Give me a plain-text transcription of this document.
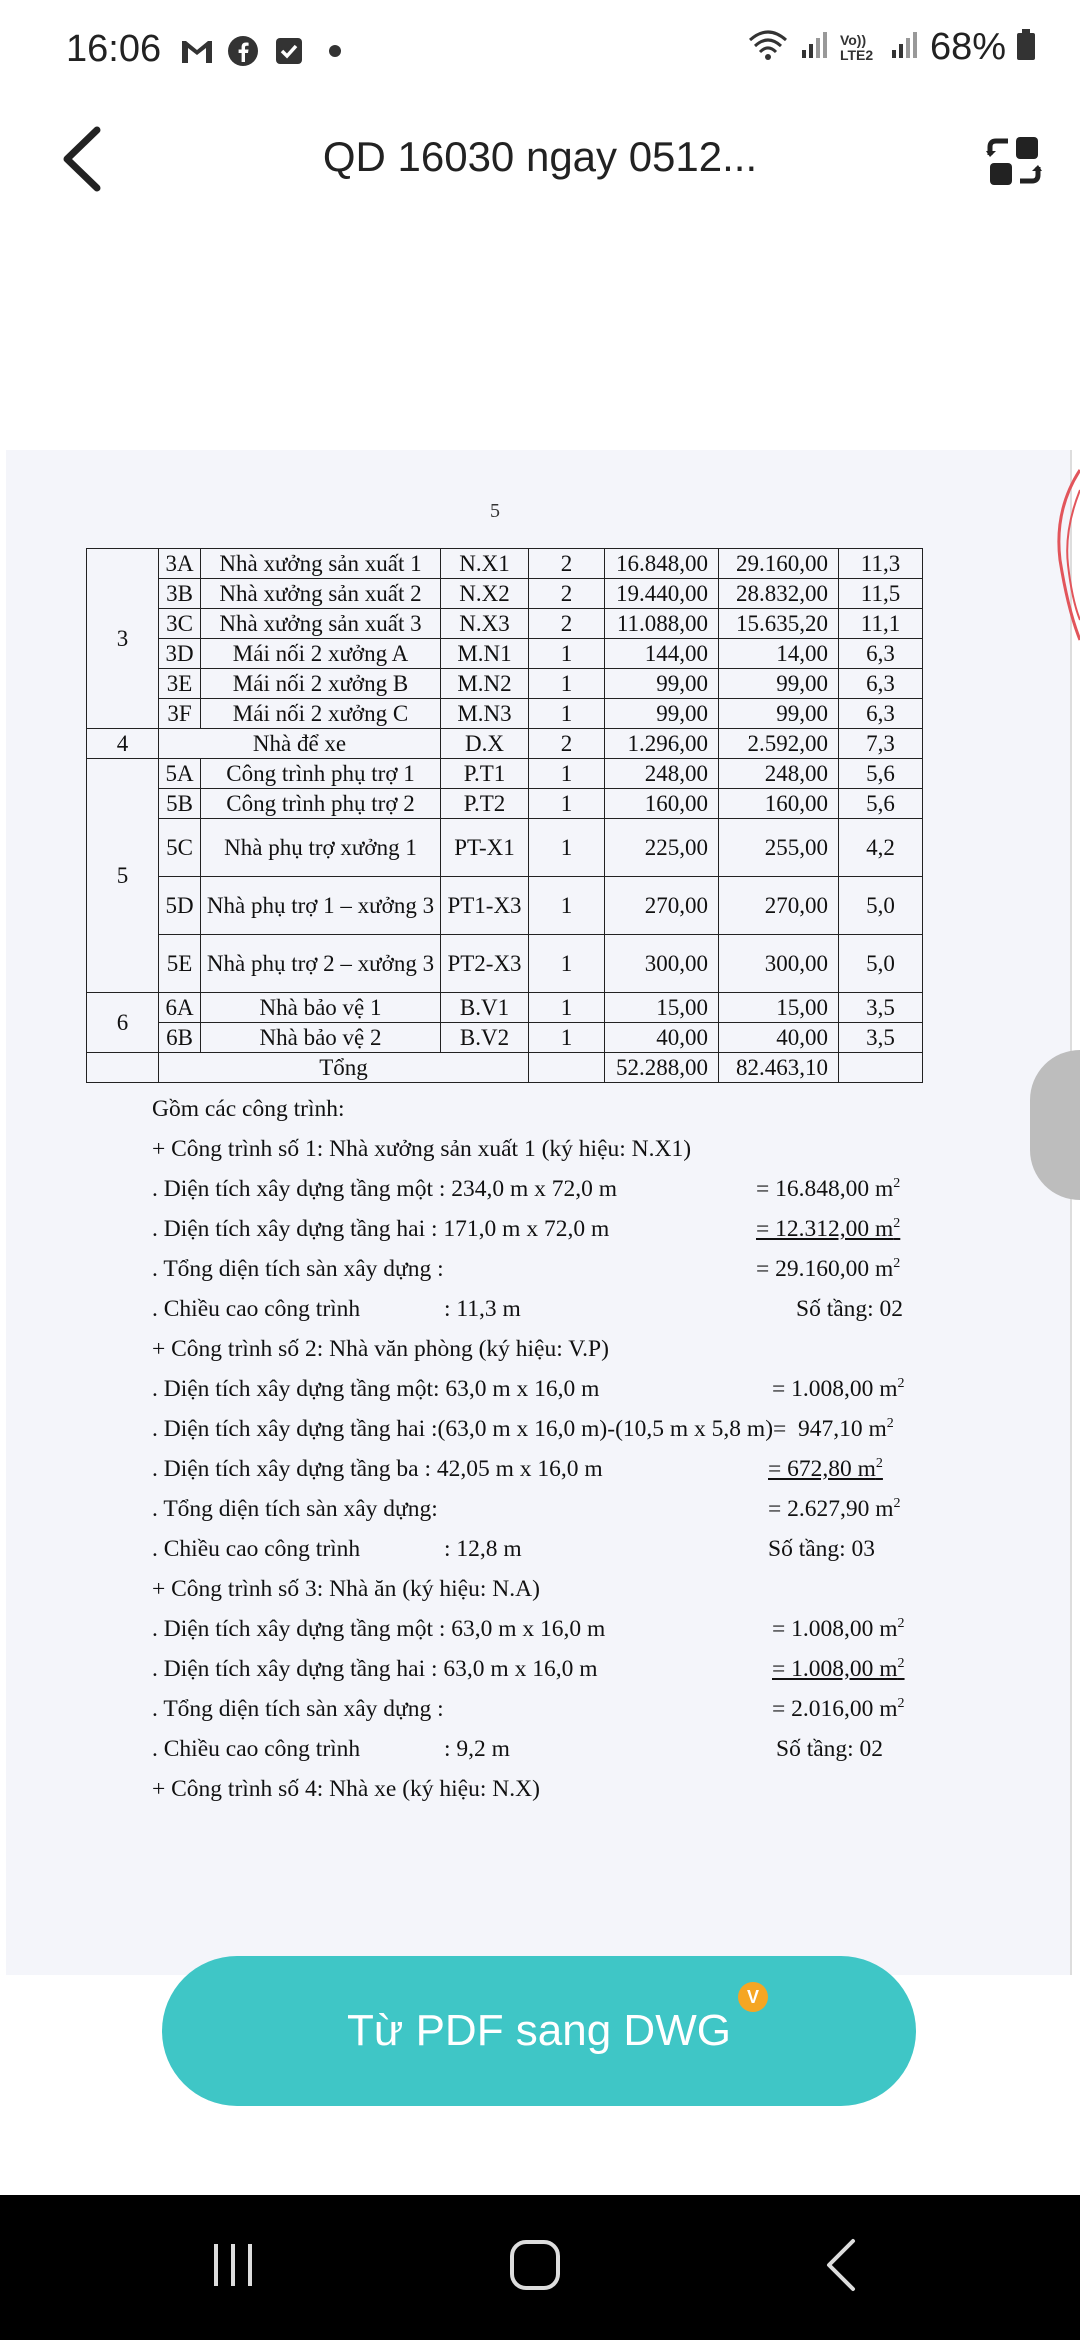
16:06	Vo)) LTE2 68%
QD 16030 ngay 0512...
5
3	3A	Nhà xưởng sản xuất 1	N.X1	2	16.848,00	29.160,00	11,3
	3B	Nhà xưởng sản xuất 2	N.X2	2	19.440,00	28.832,00	11,5
	3C	Nhà xưởng sản xuất 3	N.X3	2	11.088,00	15.635,20	11,1
	3D	Mái nối 2 xưởng A	M.N1	1	144,00	14,00	6,3
	3E	Mái nối 2 xưởng B	M.N2	1	99,00	99,00	6,3
	3F	Mái nối 2 xưởng C	M.N3	1	99,00	99,00	6,3
4	Nhà để xe		D.X	2	1.296,00	2.592,00	7,3
5	5A	Công trình phụ trợ 1	P.T1	1	248,00	248,00	5,6
	5B	Công trình phụ trợ 2	P.T2	1	160,00	160,00	5,6
	5C	Nhà phụ trợ xưởng 1	PT-X1	1	225,00	255,00	4,2
	5D	Nhà phụ trợ 1 – xưởng 3	PT1-X3	1	270,00	270,00	5,0
	5E	Nhà phụ trợ 2 – xưởng 3	PT2-X3	1	300,00	300,00	5,0
6	6A	Nhà bảo vệ 1	B.V1	1	15,00	15,00	3,5
	6B	Nhà bảo vệ 2	B.V2	1	40,00	40,00	3,5
	Tổng				52.288,00	82.463,10	
Gồm các công trình:
+ Công trình số 1: Nhà xưởng sản xuất 1 (ký hiệu: N.X1)
. Diện tích xây dựng tầng một : 234,0 m x 72,0 m	= 16.848,00 $m^2$
. Diện tích xây dựng tầng hai : 171,0 m x 72,0 m	= 12.312,00 $m^2$
. Tổng diện tích sàn xây dựng :	= 29.160,00 $m^2$
. Chiều cao công trình	: 11,3 m	Số tầng: 02
+ Công trình số 2: Nhà văn phòng (ký hiệu: V.P)
. Diện tích xây dựng tầng một: 63,0 m x 16,0 m	= 1.008,00 $m^2$
. Diện tích xây dựng tầng hai :(63,0 m x 16,0 m)-(10,5 m x 5,8 m)= 947,10 $m^2$
. Diện tích xây dựng tầng ba : 42,05 m x 16,0 m	= 672,80 $m^2$
. Tổng diện tích sàn xây dựng:	= 2.627,90 $m^2$
. Chiều cao công trình	: 12,8 m	Số tầng: 03
+ Công trình số 3: Nhà ăn (ký hiệu: N.A)
. Diện tích xây dựng tầng một : 63,0 m x 16,0 m	= 1.008,00 $m^2$
. Diện tích xây dựng tầng hai : 63,0 m x 16,0 m	= 1.008,00 $m^2$
. Tổng diện tích sàn xây dựng :	= 2.016,00 $m^2$
. Chiều cao công trình	: 9,2 m	Số tầng: 02
+ Công trình số 4: Nhà xe (ký hiệu: N.X)
Từ PDF sang DWG
V
